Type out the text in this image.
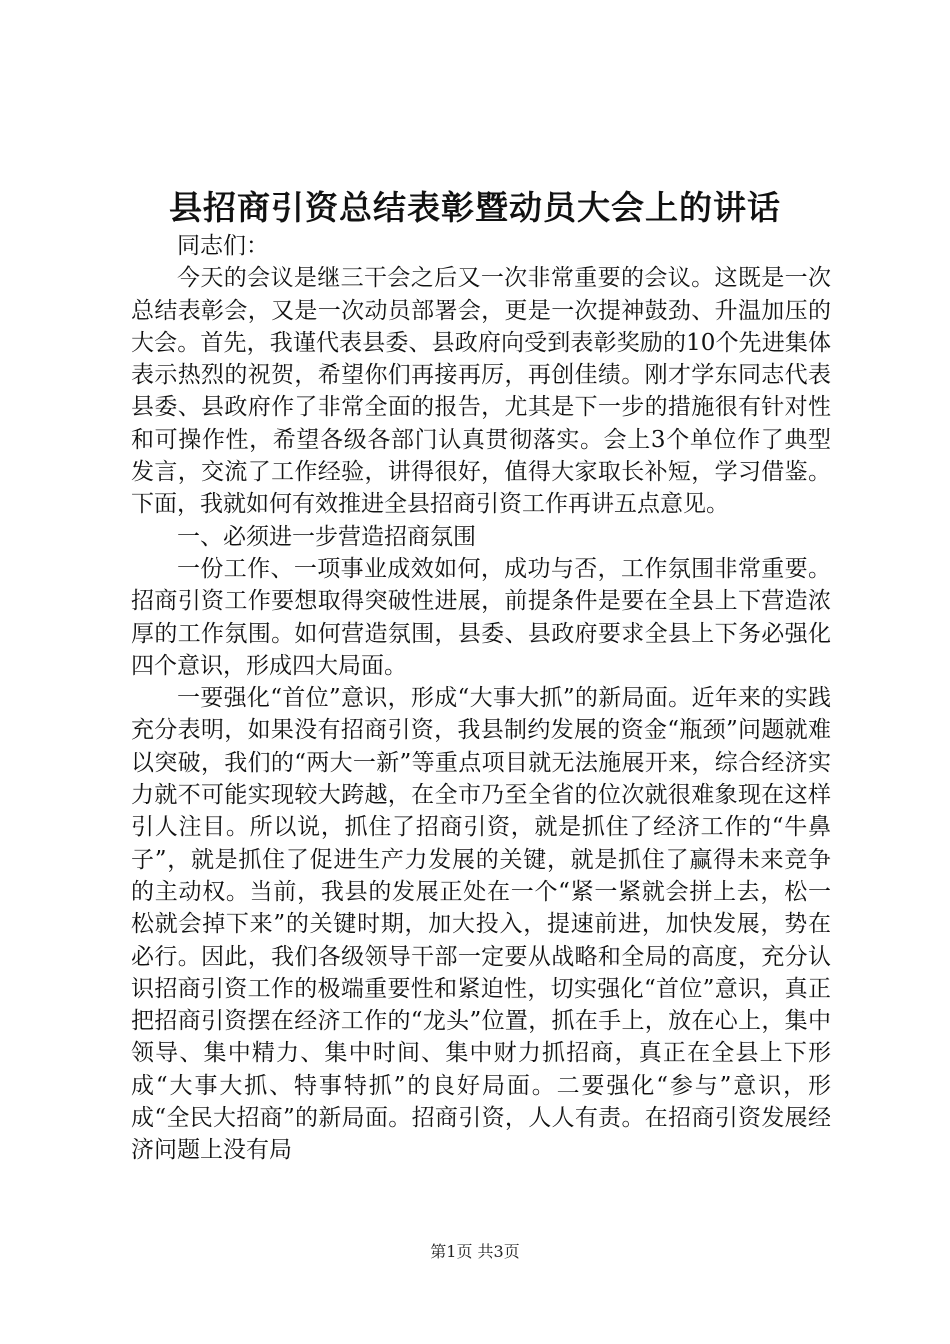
县招商引资总结表彰暨动员大会上的讲话

同志们：

今天的会议是继三干会之后又一次非常重要的会议。这既是一次总结表彰会，又是一次动员部署会，更是一次提神鼓劲、升温加压的大会。首先，我谨代表县委、县政府向受到表彰奖励的10个先进集体表示热烈的祝贺，希望你们再接再厉，再创佳绩。刚才学东同志代表县委、县政府作了非常全面的报告，尤其是下一步的措施很有针对性和可操作性，希望各级各部门认真贯彻落实。会上3个单位作了典型发言，交流了工作经验，讲得很好，值得大家取长补短，学习借鉴。下面，我就如何有效推进全县招商引资工作再讲五点意见。

一、必须进一步营造招商氛围

一份工作、一项事业成效如何，成功与否，工作氛围非常重要。招商引资工作要想取得突破性进展，前提条件是要在全县上下营造浓厚的工作氛围。如何营造氛围，县委、县政府要求全县上下务必强化四个意识，形成四大局面。

一要强化“首位”意识，形成“大事大抓”的新局面。近年来的实践充分表明，如果没有招商引资，我县制约发展的资金“瓶颈”问题就难以突破，我们的“两大一新”等重点项目就无法施展开来，综合经济实力就不可能实现较大跨越，在全市乃至全省的位次就很难象现在这样引人注目。所以说，抓住了招商引资，就是抓住了经济工作的“牛鼻子”，就是抓住了促进生产力发展的关键，就是抓住了赢得未来竞争的主动权。当前，我县的发展正处在一个“紧一紧就会拼上去，松一松就会掉下来”的关键时期，加大投入，提速前进，加快发展，势在必行。因此，我们各级领导干部一定要从战略和全局的高度，充分认识招商引资工作的极端重要性和紧迫性，切实强化“首位”意识，真正把招商引资摆在经济工作的“龙头”位置，抓在手上，放在心上，集中领导、集中精力、集中时间、集中财力抓招商，真正在全县上下形成“大事大抓、特事特抓”的良好局面。二要强化“参与”意识，形成“全民大招商”的新局面。招商引资，人人有责。在招商引资发展经济问题上没有局

第1页 共3页
